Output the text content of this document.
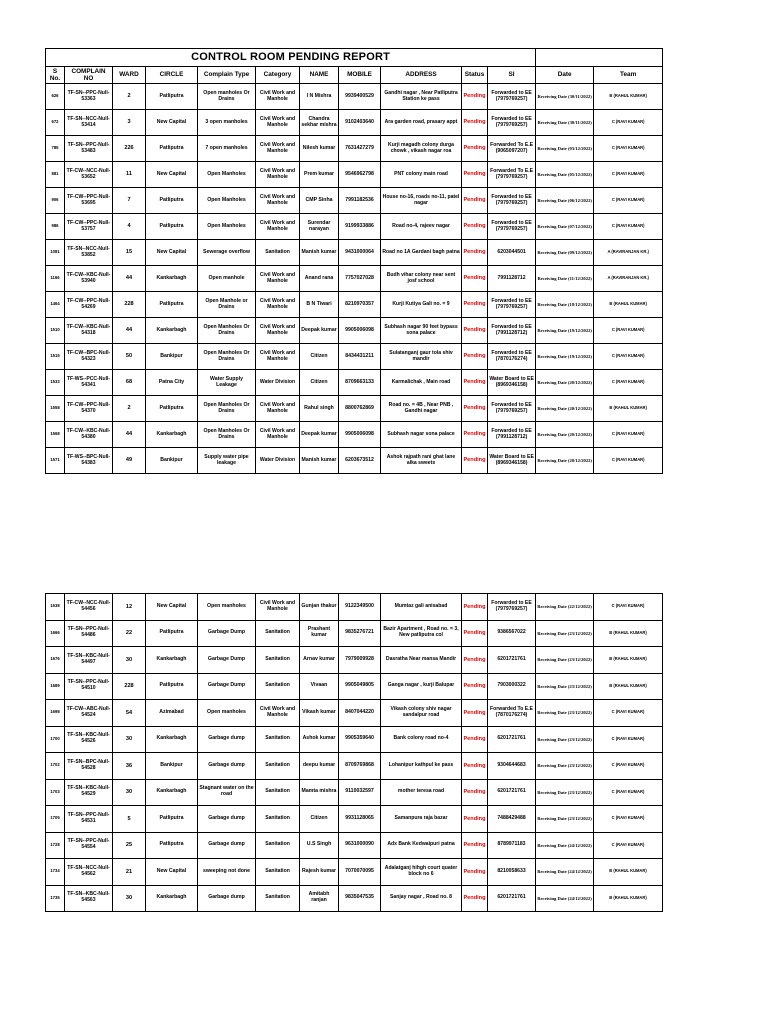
CONTROL ROOM PENDING REPORT												
S No.	COMPLAIN NO	WARD	CIRCLE	Complain Type	Category	NAME	MOBILE	ADDRESS	Status	SI	Date	Team
626	TF-SN--PPC-Null-53363	2	Patliputra	Open manholes Or Drains	Civil Work and Manhole	I N Mishra	9939400529	Gandhi nagar , Near Patliputra Station ke pass	Pending	Forwarded to EE (7979769257)	Receiving Date (30/11/2022)	B (RAHUL KUMAR)
672	TF-SN--NCC-Null-53414	3	New Capital	3 open manholes	Civil Work and Manhole	Chandra sekhar mishra	9102403640	Ara garden road, prasary appt	Pending	Forwarded to EE (7979769257)	Receiving Date (30/11/2022)	C (RAVI KUMAR)
785	TF-SN--PPC-Null-53483	226	Patliputra	7 open manholes	Civil Work and Manhole	Nilesh kumar	7631427279	Kurji magadh colony durga chowk , vikash nagar roa	Pending	Forwarded To E.E (9065097207)	Receiving Date (03/12/2022)	C (RAVI KUMAR)
881	TF-CW--NCC-Null-53652	11	New Capital	Open Manholes	Civil Work and Manhole	Prem kumar	9546962798	PNT colony main road	Pending	Forwarded To E.E (7979769257)	Receiving Date (05/12/2022)	C (RAVI KUMAR)
906	TF-CW--PPC-Null-53695	7	Patliputra	Open Manholes	Civil Work and Manhole	CMP Sinha	7991182536	House no-16, roads no-11, patel nagar	Pending	Forwarded to EE (7979769257)	Receiving Date (06/12/2022)	C (RAVI KUMAR)
986	TF-CW--PPC-Null-53757	4	Patliputra	Open Manholes	Civil Work and Manhole	Surendar narayan	9199933886	Road no-4, rajeev nagar	Pending	Forwarded to EE (7979769257)	Receiving Date (07/12/2022)	C (RAVI KUMAR)
1081	TF-SN--NCC-Null-53852	15	New Capital	Sewerage overflow	Sanitation	Manish kumar	9431000064	Road no 1A Gardani bagh patna	Pending	6203044501	Receiving Date (09/12/2022)	A (RAVIRANJAN KR.)
1166	TF-CW--KBC-Null-53940	44	Kankarbagh	Open manhole	Civil Work and Manhole	Anand rana	7757027028	Budh vihar colony near sent josf school	Pending	7991128712	Receiving Date (11/12/2022)	A (RAVIRANJAN KR.)
1464	TF-CW--PPC-Null-54269	228	Patliputra	Open Manhole or Drains	Civil Work and Manhole	B N Tiwari	8210970357	Kurji Kutiya Gali no. = 9	Pending	Forwarded to EE (7979769257)	Receiving Date (18/12/2022)	B (RAHUL KUMAR)
1510	TF-CW--KBC-Null-54318	44	Kankarbagh	Open Manholes Or Drains	Civil Work and Manhole	Deepak kumar	9905006098	Subhash nagar 90 feet bypass sona palace	Pending	Forwarded to EE (7991128712)	Receiving Date (19/12/2022)	C (RAVI KUMAR)
1515	TF-CW--BPC-Null-54323	50	Bankipur	Open Manholes Or Drains	Civil Work and Manhole	Citizen	8434431211	Sulatanganj gaur tola shiv mandir	Pending	Forwarded to EE (7870176274)	Receiving Date (19/12/2022)	C (RAVI KUMAR)
1533	TF-WS--PCC-Null-54341	68	Patna City	Water Supply Leakage	Water Division	Citizen	8709663133	Karmalichak , Main road	Pending	Water Board to EE (8969346158)	Receiving Date (20/12/2022)	C (RAVI KUMAR)
1558	TF-CW--PPC-Null-54370	2	Patliputra	Open Manholes Or Drains	Civil Work and Manhole	Rahul singh	8800762869	Road no. = 4B , Near PNB , Gandhi nagar	Pending	Forwarded to EE (7979769257)	Receiving Date (20/12/2022)	B (RAHUL KUMAR)
1568	TF-CW--KBC-Null-54380	44	Kankarbagh	Open Manholes Or Drains	Civil Work and Manhole	Deepak kumar	9905006098	Subhash nagar sona palace	Pending	Forwarded to EE (7991128712)	Receiving Date (20/12/2022)	C (RAVI KUMAR)
1571	TF-WS--BPC-Null-54383	49	Bankipur	Supply water pipe leakage	Water Division	Manish kumar	6203673512	Ashok rajpath rani ghat lane alka sweets	Pending	Water Board to EE (8969346158)	Receiving Date (20/12/2022)	C (RAVI KUMAR)
1638	TF-CW--NCC-Null-54456	12	New Capital	Open manholes	Civil Work and Manhole	Gunjan thakur	9122349500	Mumtaz gali anisabad	Pending	Forwarded to EE (7979769257)	Receiving Date (22/12/2022)	C (RAVI KUMAR)
1666	TF-SN--PPC-Null-54486	22	Patliputra	Garbage Dump	Sanitation	Prashant kumar	9835276721	Bazir Apartment , Road no. = 3, New patliputra col	Pending	9386567022	Receiving Date (23/12/2022)	B (RAHUL KUMAR)
1676	TF-SN--KBC-Null-54497	30	Kankarbagh	Garbage Dump	Sanitation	Arnav kumar	7979009928	Dasratha Near mansa Mandir	Pending	6201721761	Receiving Date (23/12/2022)	B (RAHUL KUMAR)
1689	TF-SN--PPC-Null-54510	228	Patliputra	Garbage Dump	Sanitation	Vivaan	9905049805	Ganga nagar , kurji Balupar	Pending	7903000322	Receiving Date (23/12/2022)	B (RAHUL KUMAR)
1698	TF-CW--ABC-Null-54524	54	Azimabad	Open manholes	Civil Work and Manhole	Vikash kumar	8407044220	Vikash colony shiv nagar sandalpur road	Pending	Forwarded To E.E (7870176274)	Receiving Date (23/12/2022)	C (RAVI KUMAR)
1700	TF-SN--KBC-Null-54526	30	Kankarbagh	Garbage dump	Sanitation	Ashok kumar	9905359640	Bank colony road no-4	Pending	6201721761	Receiving Date (23/12/2022)	C (RAVI KUMAR)
1702	TF-SN--BPC-Null-54528	36	Bankipur	Garbage dump	Sanitation	deepu kumar	8709769868	Lohanipur kathpul ke pass	Pending	9304644683	Receiving Date (23/12/2022)	C (RAVI KUMAR)
1703	TF-SN--KBC-Null-54529	30	Kankarbagh	Stagnant water on the road	Sanitation	Mamta mishra	9110032597	mother teresa road	Pending	6201721761	Receiving Date (23/12/2022)	C (RAVI KUMAR)
1705	TF-SN--PPC-Null-54531	5	Patliputra	Garbage dump	Sanitation	Citizen	9931128065	Samanpura raja bazar	Pending	7488429488	Receiving Date (23/12/2022)	C (RAVI KUMAR)
1728	TF-SN--PPC-Null-54554	25	Patliputra	Garbage dump	Sanitation	U.S Singh	9631000090	Adx Bank Kedwaipuri patna	Pending	8789971183	Receiving Date (24/12/2022)	C (RAVI KUMAR)
1734	TF-SN--NCC-Null-54562	21	New Capital	sweeping not done	Sanitation	Rajesh kumar	7070070095	Adalatganj hihgh court quater block no 6	Pending	8210058633	Receiving Date (24/12/2022)	B (RAHUL KUMAR)
1735	TF-SN--KBC-Null-54563	30	Kankarbagh	Garbage dump	Sanitation	Amitabh ranjan	9835047535	Sanjay nagar , Road no. 8	Pending	6201721761	Receiving Date (24/12/2022)	B (RAHUL KUMAR)
